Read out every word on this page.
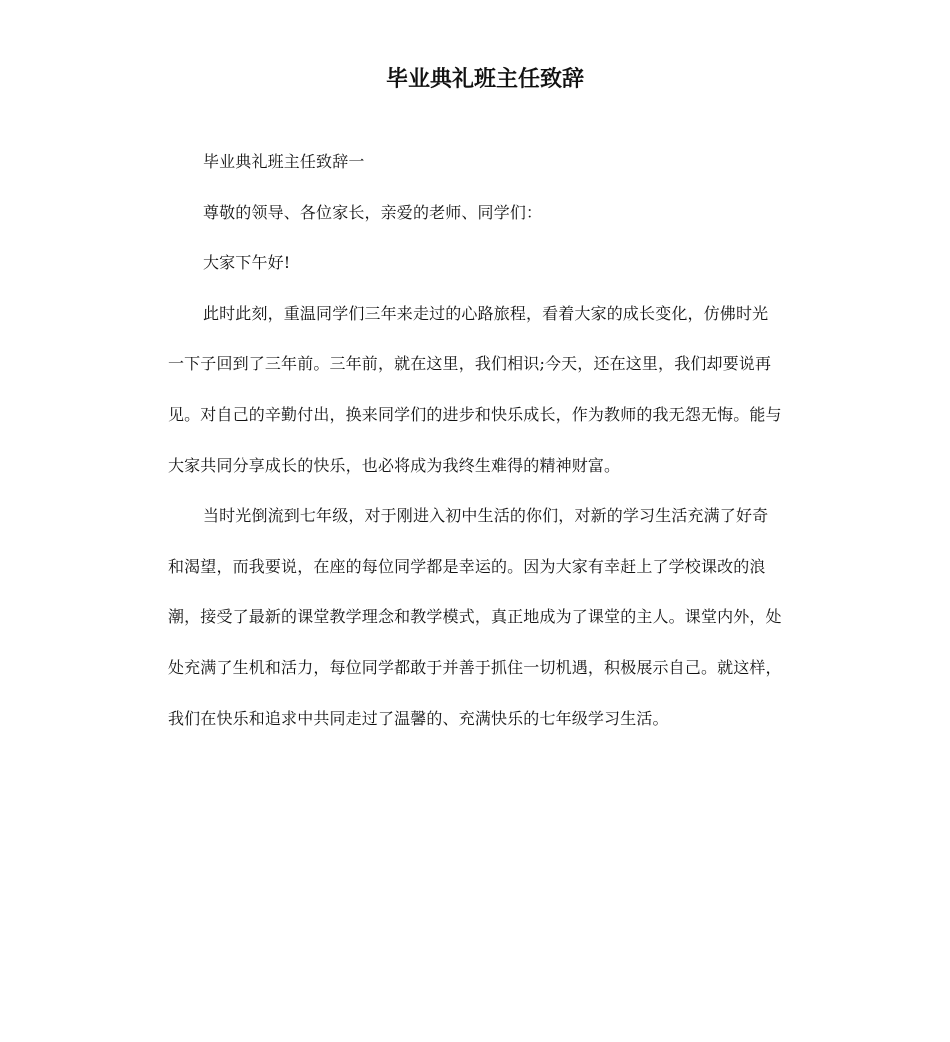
毕业典礼班主任致辞

毕业典礼班主任致辞一

尊敬的领导、各位家长，亲爱的老师、同学们：

大家下午好!

此时此刻，重温同学们三年来走过的心路旅程，看着大家的成长变化，仿佛时光一下子回到了三年前。三年前，就在这里，我们相识;今天，还在这里，我们却要说再见。对自己的辛勤付出，换来同学们的进步和快乐成长，作为教师的我无怨无悔。能与大家共同分享成长的快乐，也必将成为我终生难得的精神财富。

当时光倒流到七年级，对于刚进入初中生活的你们，对新的学习生活充满了好奇和渴望，而我要说，在座的每位同学都是幸运的。因为大家有幸赶上了学校课改的浪潮，接受了最新的课堂教学理念和教学模式，真正地成为了课堂的主人。课堂内外，处处充满了生机和活力，每位同学都敢于并善于抓住一切机遇，积极展示自己。就这样，我们在快乐和追求中共同走过了温馨的、充满快乐的七年级学习生活。
